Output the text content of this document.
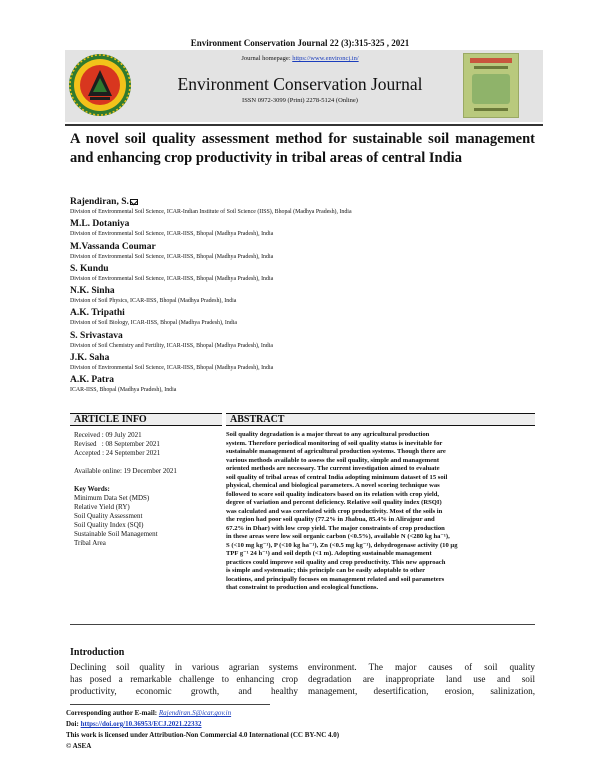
Environment Conservation Journal 22 (3):315-325 , 2021
Journal homepage: https://www.environcj.in/
Environment Conservation Journal
ISSN 0972-3099 (Print) 2278-5124 (Online)
A novel soil quality assessment method for sustainable soil management and enhancing crop productivity in tribal areas of central India
Rajendiran, S.
Division of Environmental Soil Science, ICAR-Indian Institute of Soil Science (IISS), Bhopal (Madhya Pradesh), India
M.L. Dotaniya
Division of Environmental Soil Science, ICAR-IISS, Bhopal (Madhya Pradesh), India
M.Vassanda Coumar
Division of Environmental Soil Science, ICAR-IISS, Bhopal (Madhya Pradesh), India
S. Kundu
Division of Environmental Soil Science, ICAR-IISS, Bhopal (Madhya Pradesh), India
N.K. Sinha
Division of Soil Physics, ICAR-IISS, Bhopal (Madhya Pradesh), India
A.K. Tripathi
Division of Soil Biology, ICAR-IISS, Bhopal (Madhya Pradesh), India
S. Srivastava
Division of Soil Chemistry and Fertility, ICAR-IISS, Bhopal (Madhya Pradesh), India
J.K. Saha
Division of Environmental Soil Science, ICAR-IISS, Bhopal (Madhya Pradesh), India
A.K. Patra
ICAR-IISS, Bhopal (Madhya Pradesh), India
ARTICLE INFO	ABSTRACT
Received : 09 July 2021
Revised   : 08 September 2021
Accepted : 24 September 2021
Available online: 19 December 2021
Key Words:
Minimum Data Set (MDS)
Relative Yield (RY)
Soil Quality Assessment
Soil Quality Index (SQI)
Sustainable Soil Management
Tribal Area
Soil quality degradation is a major threat to any agricultural production
system. Therefore periodical monitoring of soil quality status is inevitable for
sustainable management of agricultural production systems. Though there are
various methods available to assess the soil quality, simple and management
oriented methods are necessary. The current investigation aimed to evaluate
soil quality of tribal areas of central India adopting minimum dataset of 15 soil
physical, chemical and biological parameters. A novel scoring technique was
followed to score soil quality indicators based on its relation with crop yield,
degree of variation and percent deficiency. Relative soil quality index (RSQI)
was calculated and was correlated with crop productivity. Most of the soils in
the region had poor soil quality (77.2% in Jhabua, 85.4% in Alirajpur and
67.2% in Dhar) with low crop yield. The major constraints of crop production
in these areas were low soil organic carbon (<0.5%), available N (<280 kg ha⁻¹),
S (<10 mg kg⁻¹), P (<10 kg ha⁻¹), Zn (<0.5 mg kg⁻¹), dehydrogenase activity (10 µg
TPF g⁻¹ 24 h⁻¹) and soil depth (<1 m). Adopting sustainable management
practices could improve soil quality and crop productivity. This new approach
is simple and systematic; this principle can be easily adoptable to other
locations, and principally focuses on management related and soil parameters
that constraint to production and ecological functions.
Introduction
Declining soil quality in various agrarian systems
has posed a remarkable challenge to enhancing crop
productivity,     economic     growth,     and     healthy
environment. The major causes of soil quality
degradation are inappropriate land use and soil
management, desertification, erosion, salinization,
Corresponding author E-mail: Rajendiran.S@icar.gov.in
Doi: https://doi.org/10.36953/ECJ.2021.22332
This work is licensed under Attribution-Non Commercial 4.0 International (CC BY-NC 4.0)
© ASEA
